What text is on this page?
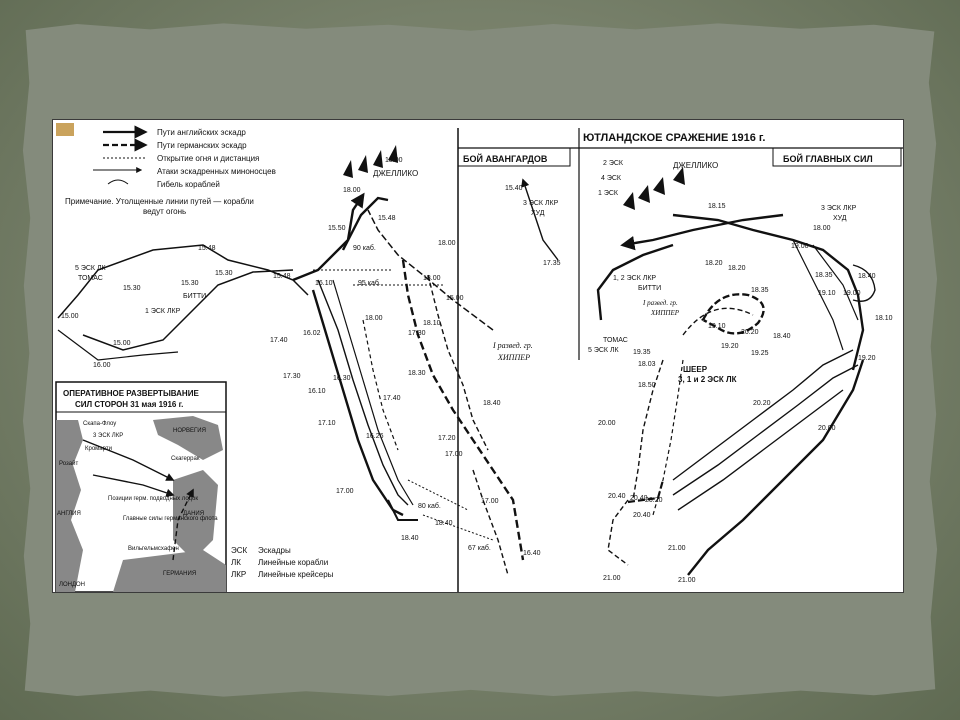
ЮТЛАНДСКОЕ СРАЖЕНИЕ 1916 г.
БОЙ АВАНГАРДОВ	БОЙ ГЛАВНЫХ СИЛ
Пути английских эскадр
Пути германских эскадр
Открытие огня и дистанция
Атаки эскадренных миноносцев
Гибель кораблей
Примечание. Утолщенные линии путей — корабли
ведут огонь
18.00
ДЖЕЛЛИКО
18.00
15.48
15.50
18.00
15.40
3 ЭСК ЛКР
ХУД
17.35
15.48
15.30
5 ЭСК ЛК
ТОМАС
15.30
15.00
15.00
16.00
15.30
БИТТИ
1 ЭСК ЛКР
15.48
16.10
90 каб.
95 каб.
18.00
15.00
18.00
18.10
17.30
I развед. гр.
ХИППЕР
16.02
17.40
17.30	16.30
18.30
16.10
17.40
18.40
17.10
16.26	17.20
17.00
17.00
17.00
80 каб.
18.40
18.40
67 каб.
16.40
2 ЭСК
4 ЭСК
1 ЭСК
ДЖЕЛЛИКО
18.15	3 ЭСК ЛКР
ХУД
18.00
19.00
18.20
1, 2 ЭСК ЛКР
БИТТИ
18.20
18.35
I развед. гр.
ХИППЕР
18.35	18.40
19.10 19.00
18.10
19.10
20.20
18.40
ТОМАС
5 ЭСК ЛК 19.35
19.20
19.25
19.20
18.03
18.50
ШЕЕР
3, 1 и 2 ЭСК ЛК
20.20
20.00
20.00
20.40
20.40
20.40
20.20
21.00
21.00	21.00
ОПЕРАТИВНОЕ РАЗВЕРТЫВАНИЕ
СИЛ СТОРОН 31 мая 1916 г.
Скапа-Флоу
3 ЭСК ЛКР
Кромарти
Розайт
Позиции герм. подводных лодок
Главные силы германского флота
Вильгельмсхафен
НОРВЕГИЯ
Скагеррак
АНГЛИЯ	ДАНИЯ
ГЕРМАНИЯ
ЛОНДОН
ЭСК Эскадры
ЛК Линейные корабли
ЛКР Линейные крейсеры
